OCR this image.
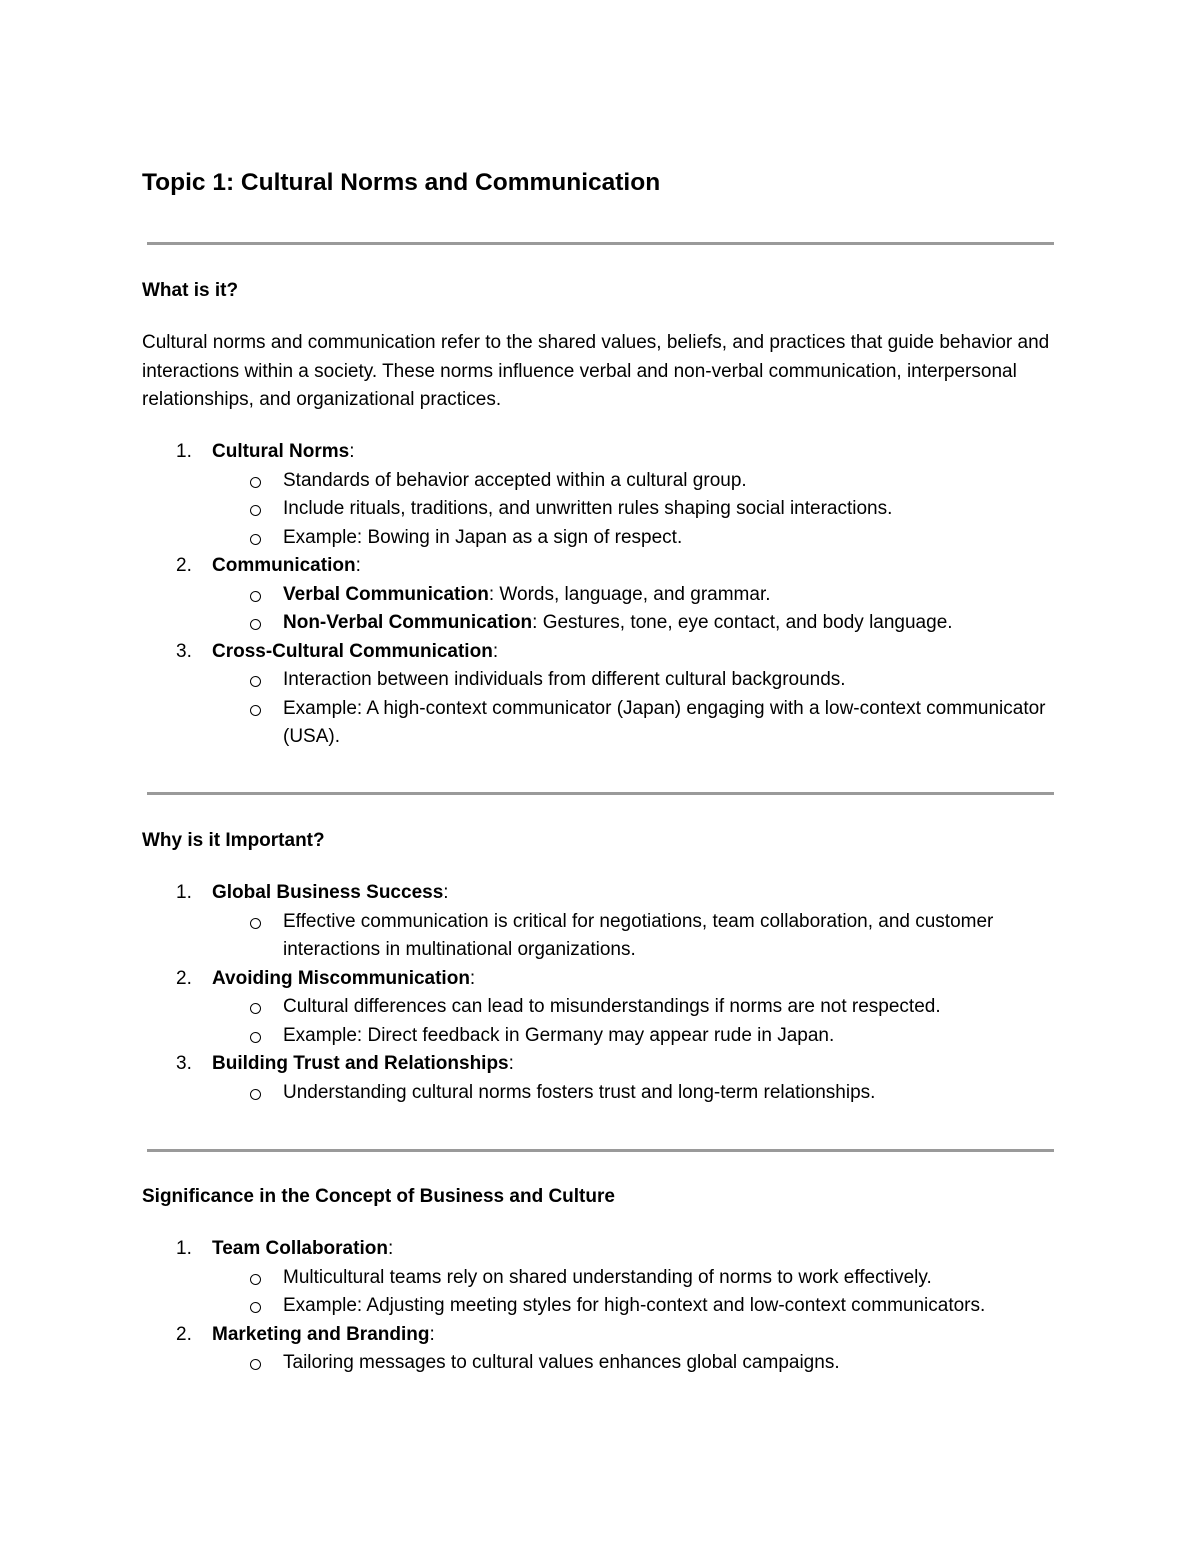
Topic 1: Cultural Norms and Communication
What is it?

Cultural norms and communication refer to the shared values, beliefs, and practices that guide behavior and interactions within a society. These norms influence verbal and non-verbal communication, interpersonal relationships, and organizational practices.

1. Cultural Norms:
Standards of behavior accepted within a cultural group.
Include rituals, traditions, and unwritten rules shaping social interactions.
Example: Bowing in Japan as a sign of respect.
2. Communication:
Verbal Communication: Words, language, and grammar.
Non-Verbal Communication: Gestures, tone, eye contact, and body language.
3. Cross-Cultural Communication:
Interaction between individuals from different cultural backgrounds.
Example: A high-context communicator (Japan) engaging with a low-context communicator (USA).
Why is it Important?
1. Global Business Success:
Effective communication is critical for negotiations, team collaboration, and customer interactions in multinational organizations.
2. Avoiding Miscommunication:
Cultural differences can lead to misunderstandings if norms are not respected.
Example: Direct feedback in Germany may appear rude in Japan.
3. Building Trust and Relationships:
Understanding cultural norms fosters trust and long-term relationships.
Significance in the Concept of Business and Culture
1. Team Collaboration:
Multicultural teams rely on shared understanding of norms to work effectively.
Example: Adjusting meeting styles for high-context and low-context communicators.
2. Marketing and Branding:
Tailoring messages to cultural values enhances global campaigns.
